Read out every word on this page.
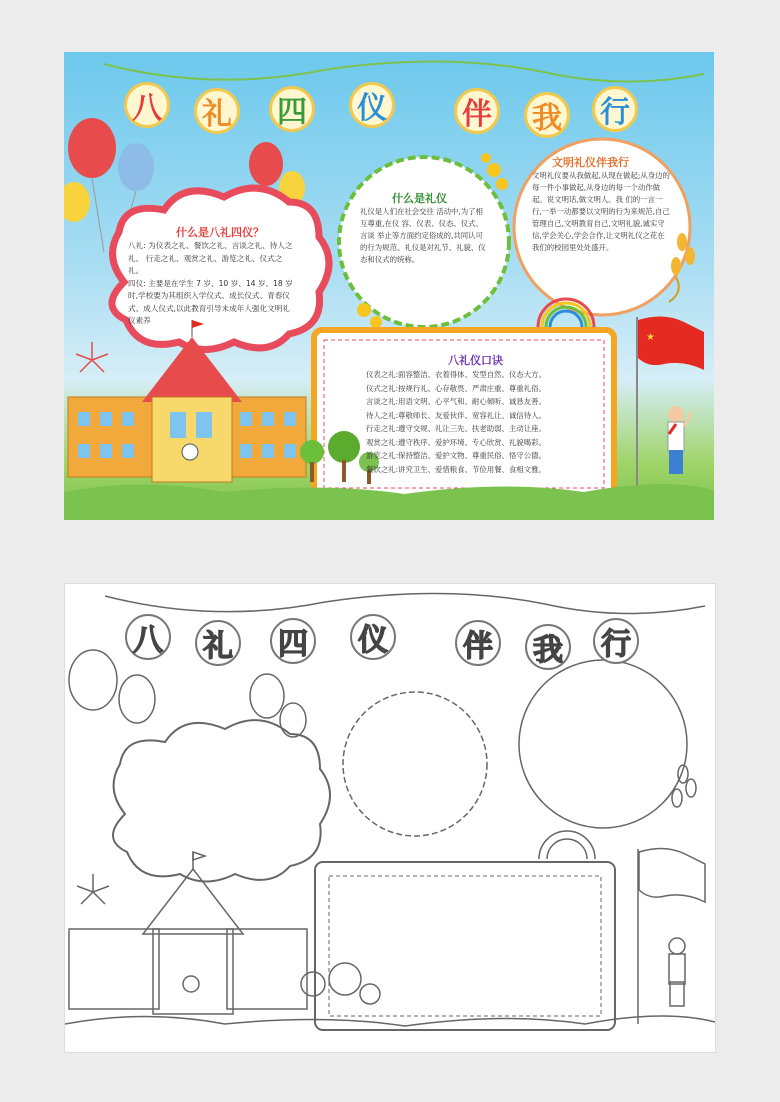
★
八 礼 四 仪	伴 我 行
什么是八礼四仪？
八礼: 为仪表之礼、餐饮之礼、言谈之礼、待人之礼、 行走之礼、观赏之礼、游览之礼、仪式之礼。
四仪: 主要是在学生 7 岁、10 岁、14 岁、18 岁时,学校要为其组织入学仪式、成长仪式、青春仪式、成人仪式,以此教育引导未成年人强化文明礼仪素养
什么是礼仪
礼仪是人们在社会交往 活动中,为了相互尊重,在仪 容、仪表、仪态、仪式、言谈 举止等方面约定俗成的,共同认可的行为规范。礼仪是对礼节、礼貌、仪态和仪式的统称。
文明礼仪伴我行
文明礼仪要从我做起,从现在做起;从身边的每一件小事做起,从身边的每一个动作做起。说文明话,做文明人。我 们的一言一行,一举一动都要以文明的行为来规范,自己管理自己,文明教育自己,文明礼貌,诚实守信,学会关心,学会合作,让文明礼仪之花在我们的校园里处处盛开。
八礼仪口诀
仪表之礼:面容整洁、衣着得体、发型自然、仪态大方。
仪式之礼:按规行礼、心存敬畏、严肃庄重、尊重礼俗。
言谈之礼:用语文明、心平气和、耐心倾听、诚恳友善。
待人之礼:尊敬师长、友爱伙伴、宽容礼让、诚信待人。
行走之礼:遵守交规、礼让三先、扶老助弱、主动让座。
观赏之礼:遵守秩序、爱护环境、专心欣赏、礼貌喝彩。
游览之礼:保持整洁、爱护文物、尊重民俗、恪守公德。
餐饮之礼:讲究卫生、爱惜粮食、节俭用餐、食相文雅。
八 礼 四 仪	伴 我 行
